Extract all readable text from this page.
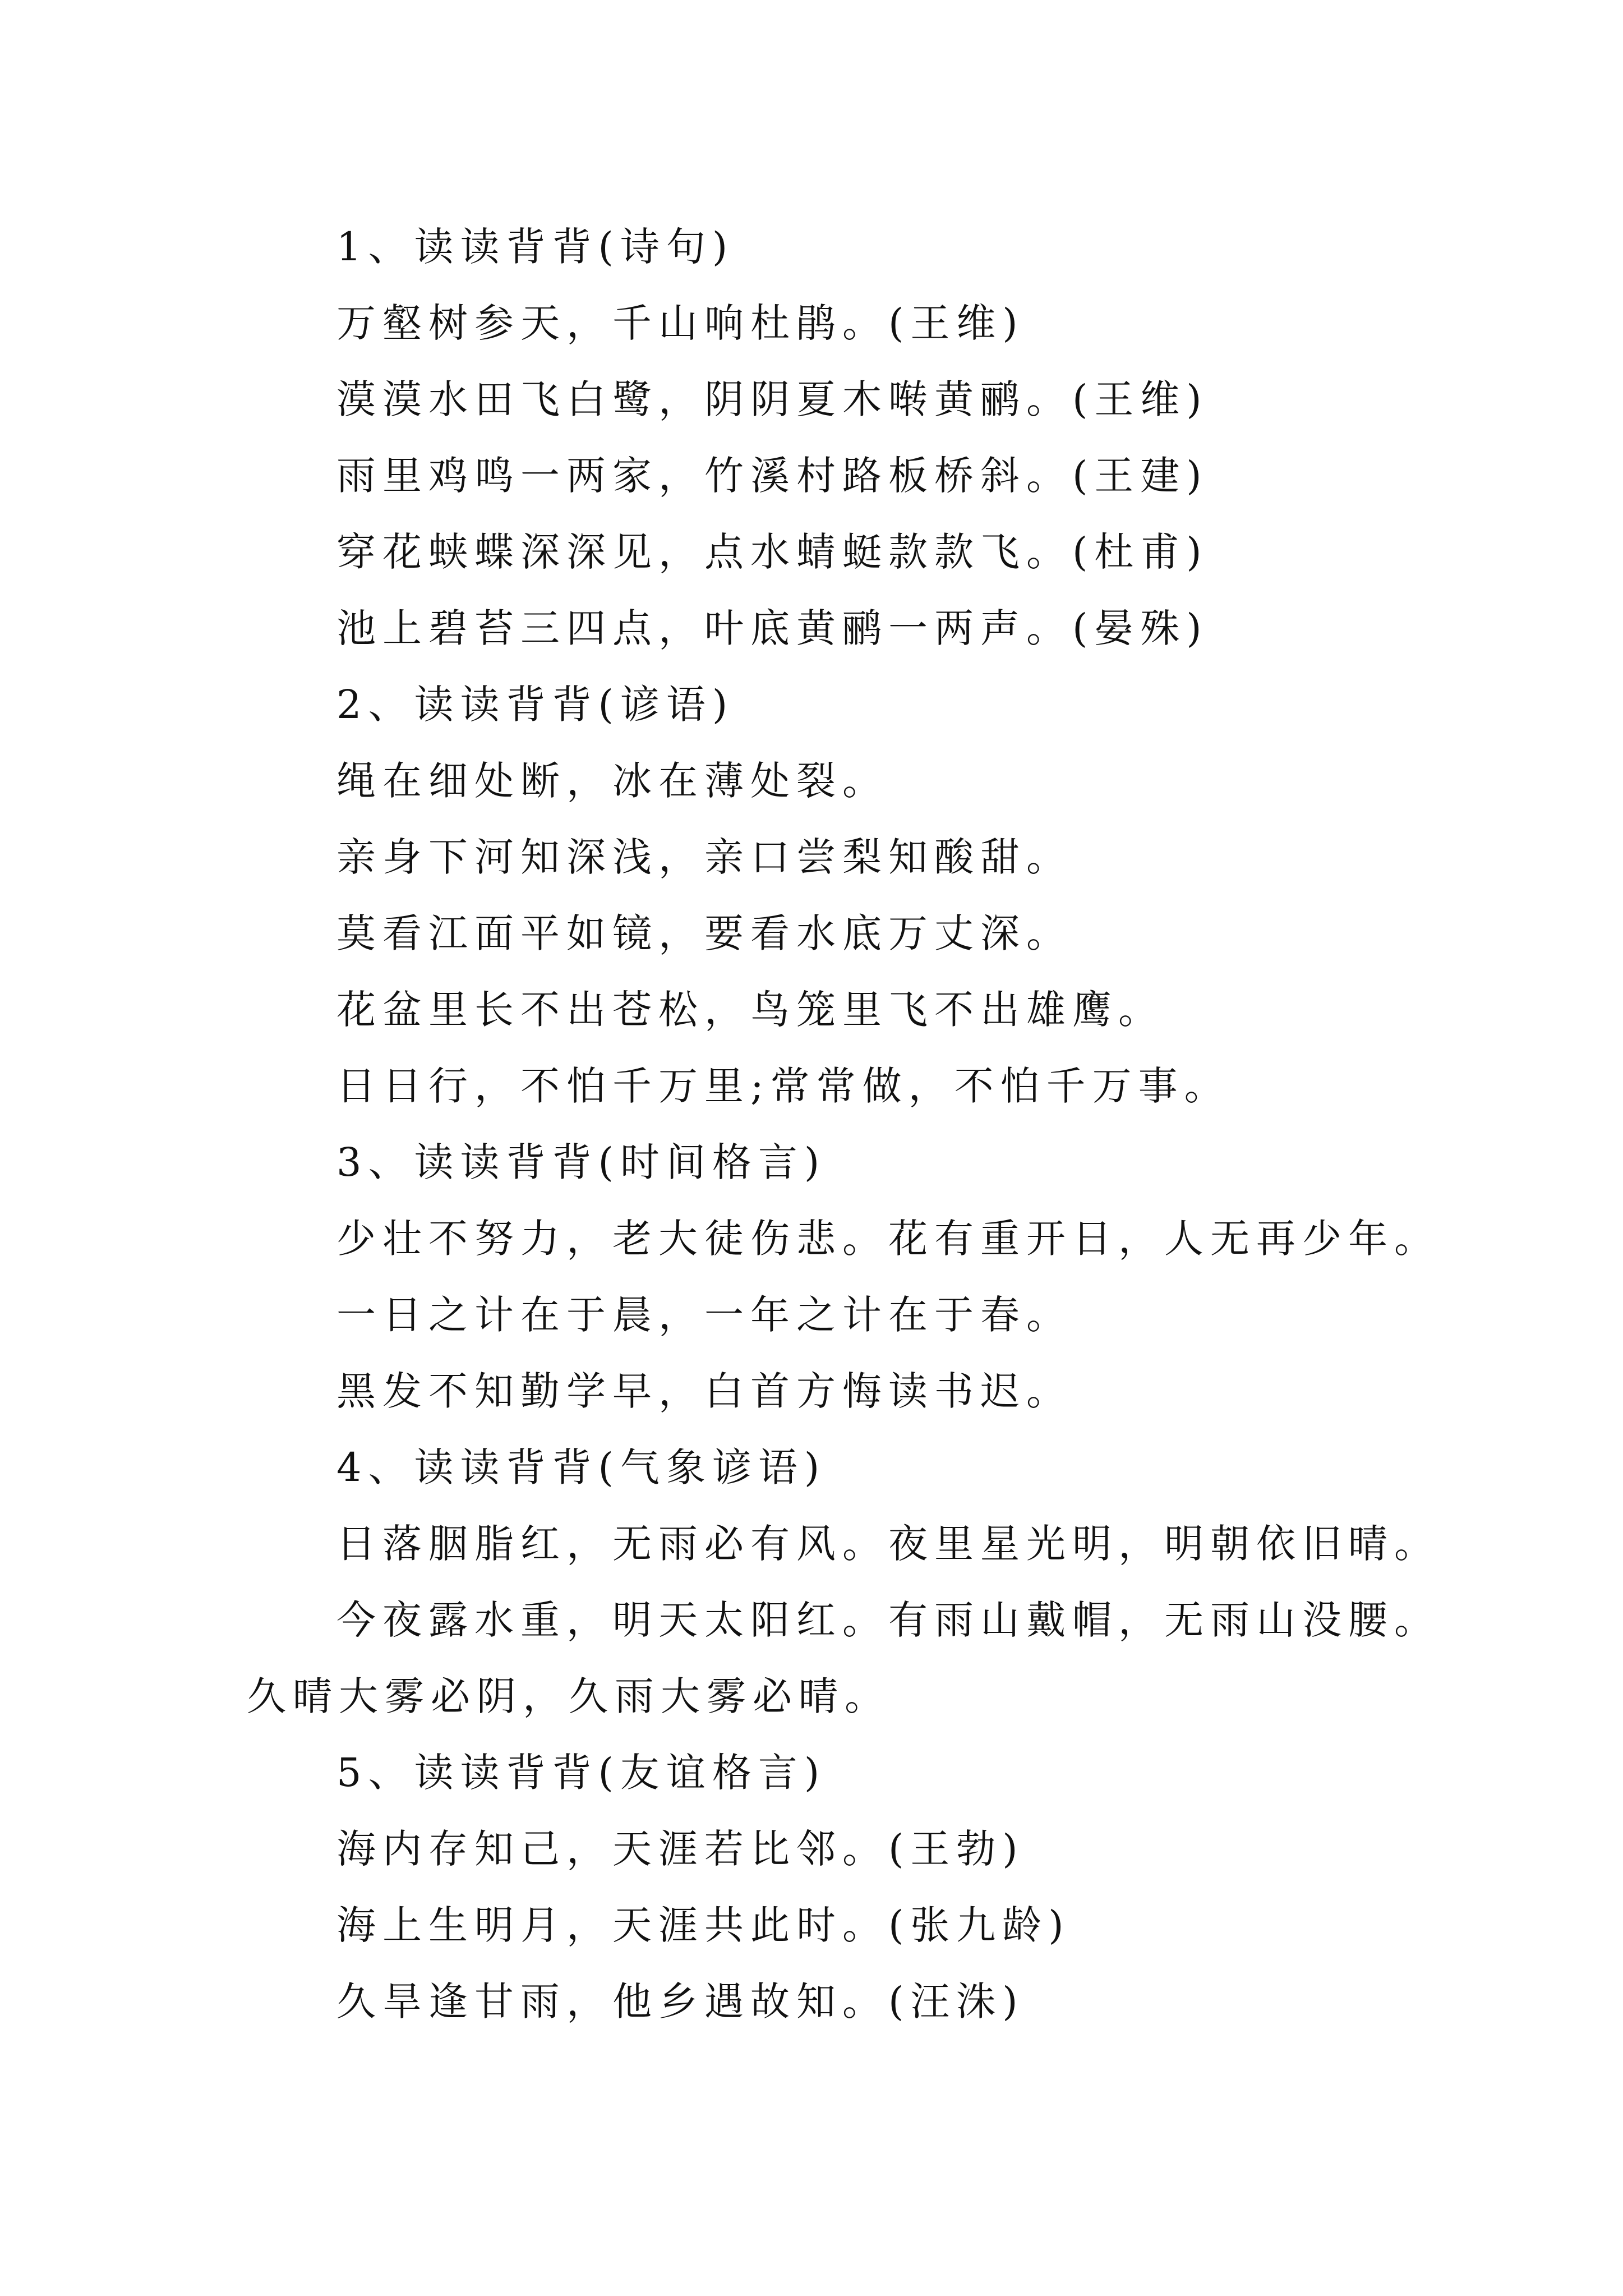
1、读读背背(诗句)
万壑树参天，千山响杜鹃。(王维)
漠漠水田飞白鹭，阴阴夏木啭黄鹂。(王维)
雨里鸡鸣一两家，竹溪村路板桥斜。(王建)
穿花蛱蝶深深见，点水蜻蜓款款飞。(杜甫)
池上碧苔三四点，叶底黄鹂一两声。(晏殊)
2、读读背背(谚语)
绳在细处断，冰在薄处裂。
亲身下河知深浅，亲口尝梨知酸甜。
莫看江面平如镜，要看水底万丈深。
花盆里长不出苍松，鸟笼里飞不出雄鹰。
日日行，不怕千万里;常常做，不怕千万事。
3、读读背背(时间格言)
少壮不努力，老大徒伤悲。花有重开日，人无再少年。
一日之计在于晨，一年之计在于春。
黑发不知勤学早，白首方悔读书迟。
4、读读背背(气象谚语)
日落胭脂红，无雨必有风。夜里星光明，明朝依旧晴。
今夜露水重，明天太阳红。有雨山戴帽，无雨山没腰。
久晴大雾必阴，久雨大雾必晴。
5、读读背背(友谊格言)
海内存知己，天涯若比邻。(王勃)
海上生明月，天涯共此时。(张九龄)
久旱逢甘雨，他乡遇故知。(汪洙)
